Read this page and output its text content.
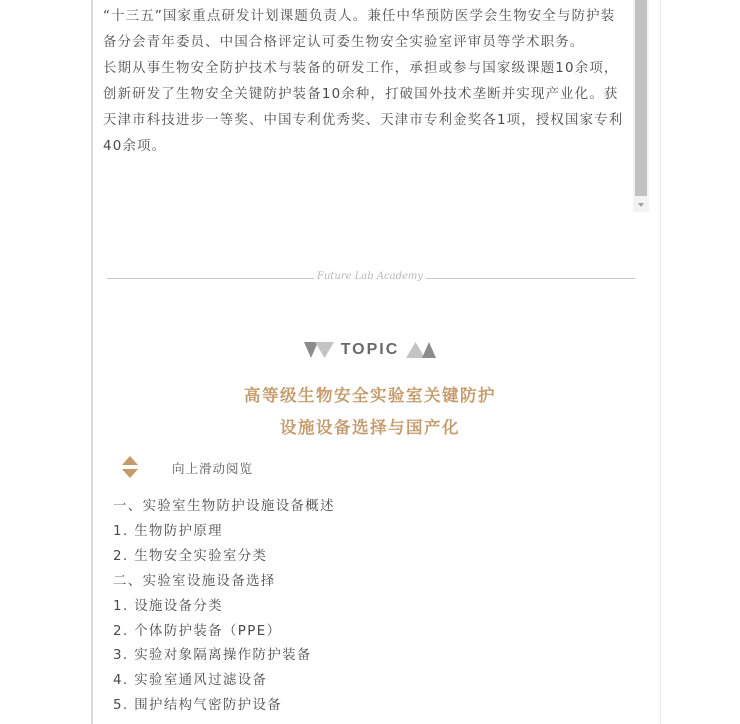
“十三五”国家重点研发计划课题负责人。兼任中华预防医学会生物安全与防护装备分会青年委员、中国合格评定认可委生物安全实验室评审员等学术职务。

长期从事生物安全防护技术与装备的研发工作，承担或参与国家级课题10余项，创新研发了生物安全关键防护装备10余种，打破国外技术垄断并实现产业化。获天津市科技进步一等奖、中国专利优秀奖、天津市专利金奖各1项，授权国家专利40余项。

Future Lab Academy
TOPIC
高等级生物安全实验室关键防护
设施设备选择与国产化
向上滑动阅览
一、实验室生物防护设施设备概述
1. 生物防护原理
2. 生物安全实验室分类
二、实验室设施设备选择
1. 设施设备分类
2. 个体防护装备（PPE）
3. 实验对象隔离操作防护装备
4. 实验室通风过滤设备
5. 围护结构气密防护设备
